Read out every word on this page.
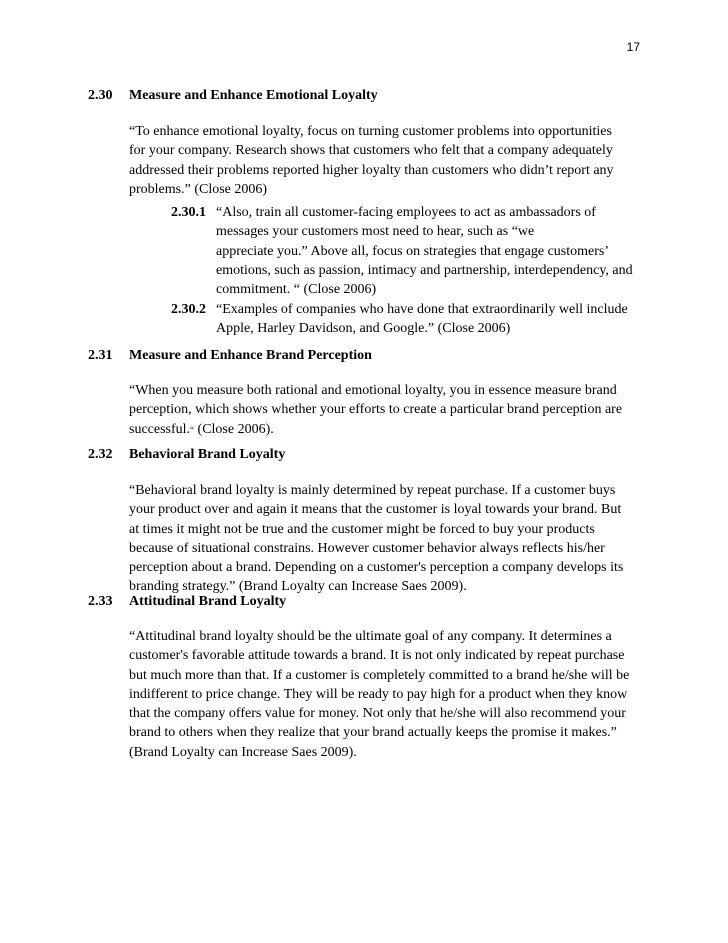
17
2.30 Measure and Enhance Emotional Loyalty
“To enhance emotional loyalty, focus on turning customer problems into opportunities
for your company. Research shows that customers who felt that a company adequately
addressed their problems reported higher loyalty than customers who didn’t report any
problems.” (Close 2006)
2.30.1 “Also, train all customer-facing employees to act as ambassadors of
messages your customers most need to hear, such as “we
appreciate you.” Above all, focus on strategies that engage customers’
emotions, such as passion, intimacy and partnership, interdependency, and
commitment. “ (Close 2006)
2.30.2 “Examples of companies who have done that extraordinarily well include
Apple, Harley Davidson, and Google.” (Close 2006)
2.31 Measure and Enhance Brand Perception
“When you measure both rational and emotional loyalty, you in essence measure brand
perception, which shows whether your efforts to create a particular brand perception are
successful.“ (Close 2006).
2.32 Behavioral Brand Loyalty
“Behavioral brand loyalty is mainly determined by repeat purchase. If a customer buys
your product over and again it means that the customer is loyal towards your brand. But
at times it might not be true and the customer might be forced to buy your products
because of situational constrains. However customer behavior always reflects his/her
perception about a brand. Depending on a customer's perception a company develops its
branding strategy.” (Brand Loyalty can Increase Saes 2009).
2.33 Attitudinal Brand Loyalty
“Attitudinal brand loyalty should be the ultimate goal of any company. It determines a
customer's favorable attitude towards a brand. It is not only indicated by repeat purchase
but much more than that. If a customer is completely committed to a brand he/she will be
indifferent to price change. They will be ready to pay high for a product when they know
that the company offers value for money. Not only that he/she will also recommend your
brand to others when they realize that your brand actually keeps the promise it makes.”
(Brand Loyalty can Increase Saes 2009).
